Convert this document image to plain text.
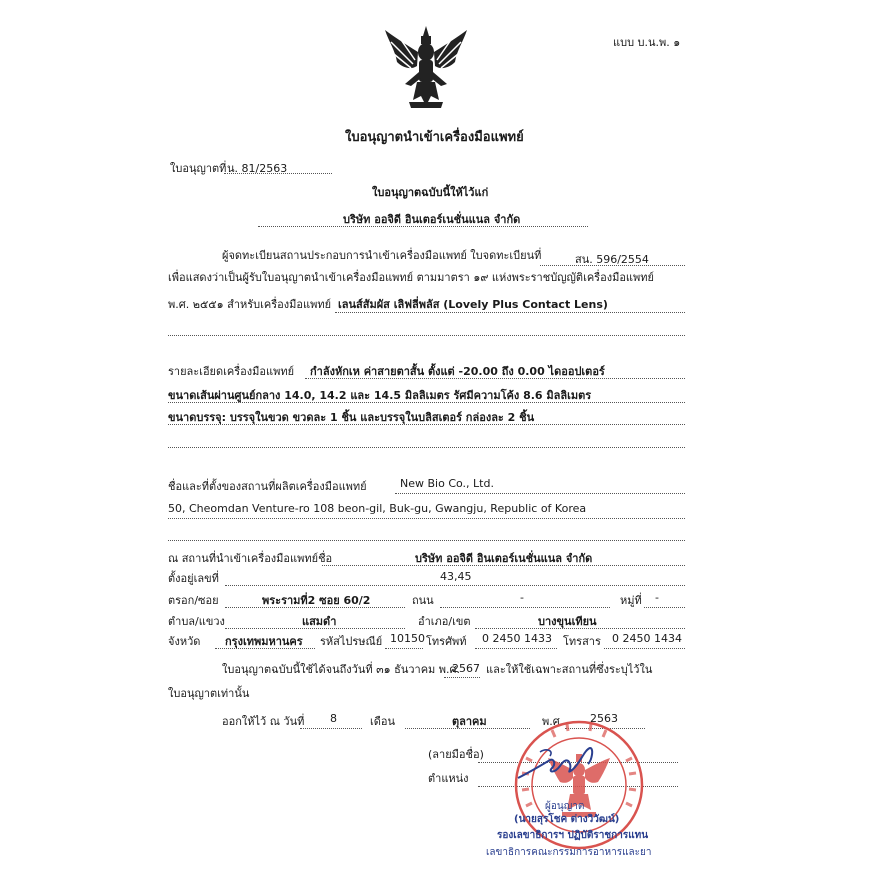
แบบ บ.น.พ. ๑
ใบอนุญาตนำเข้าเครื่องมือแพทย์
ใบอนุญาตที่ น. 81/2563
ใบอนุญาตฉบับนี้ให้ไว้แก่
บริษัท ออจิดี อินเตอร์เนชั่นแนล จำกัด
ผู้จดทะเบียนสถานประกอบการนำเข้าเครื่องมือแพทย์ ใบจดทะเบียนที่	สน. 596/2554
เพื่อแสดงว่าเป็นผู้รับใบอนุญาตนำเข้าเครื่องมือแพทย์ ตามมาตรา ๑๙ แห่งพระราชบัญญัติเครื่องมือแพทย์
พ.ศ. ๒๕๕๑ สำหรับเครื่องมือแพทย์ เลนส์สัมผัส เลิฟลี่พลัส (Lovely Plus Contact Lens)
รายละเอียดเครื่องมือแพทย์ กำลังหักเห ค่าสายตาสั้น ตั้งแต่ -20.00 ถึง 0.00 ไดออปเตอร์
ขนาดเส้นผ่านศูนย์กลาง 14.0, 14.2 และ 14.5 มิลลิเมตร รัศมีความโค้ง 8.6 มิลลิเมตร
ขนาดบรรจุ: บรรจุในขวด ขวดละ 1 ชิ้น และบรรจุในบลิสเตอร์ กล่องละ 2 ชิ้น
ชื่อและที่ตั้งของสถานที่ผลิตเครื่องมือแพทย์	New Bio Co., Ltd.
50, Cheomdan Venture-ro 108 beon-gil, Buk-gu, Gwangju, Republic of Korea
ณ สถานที่นำเข้าเครื่องมือแพทย์ชื่อ	บริษัท ออจิดี อินเตอร์เนชั่นแนล จำกัด
ตั้งอยู่เลขที่	43,45
ตรอก/ซอย	พระรามที่2 ซอย 60/2	ถนน	-	หมู่ที่ -
ตำบล/แขวง	แสมดำ	อำเภอ/เขต	บางขุนเทียน
จังหวัด กรุงเทพมหานคร รหัสไปรษณีย์ 10150 โทรศัพท์ 0 2450 1433 โทรสาร 0 2450 1434
ใบอนุญาตฉบับนี้ใช้ได้จนถึงวันที่ ๓๑ ธันวาคม พ.ศ.
2567 และให้ใช้เฉพาะสถานที่ซึ่งระบุไว้ใน
ใบอนุญาตเท่านั้น
ออกให้ไว้ ณ วันที่ 8	เดือน	ตุลาคม	พ.ศ. 2563
(ลายมือชื่อ)
ตำแหน่ง
ผู้อนุญาต
(นายสุรโชค ต่างวิวัฒน์)
รองเลขาธิการฯ ปฏิบัติราชการแทน
เลขาธิการคณะกรรมการอาหารและยา
